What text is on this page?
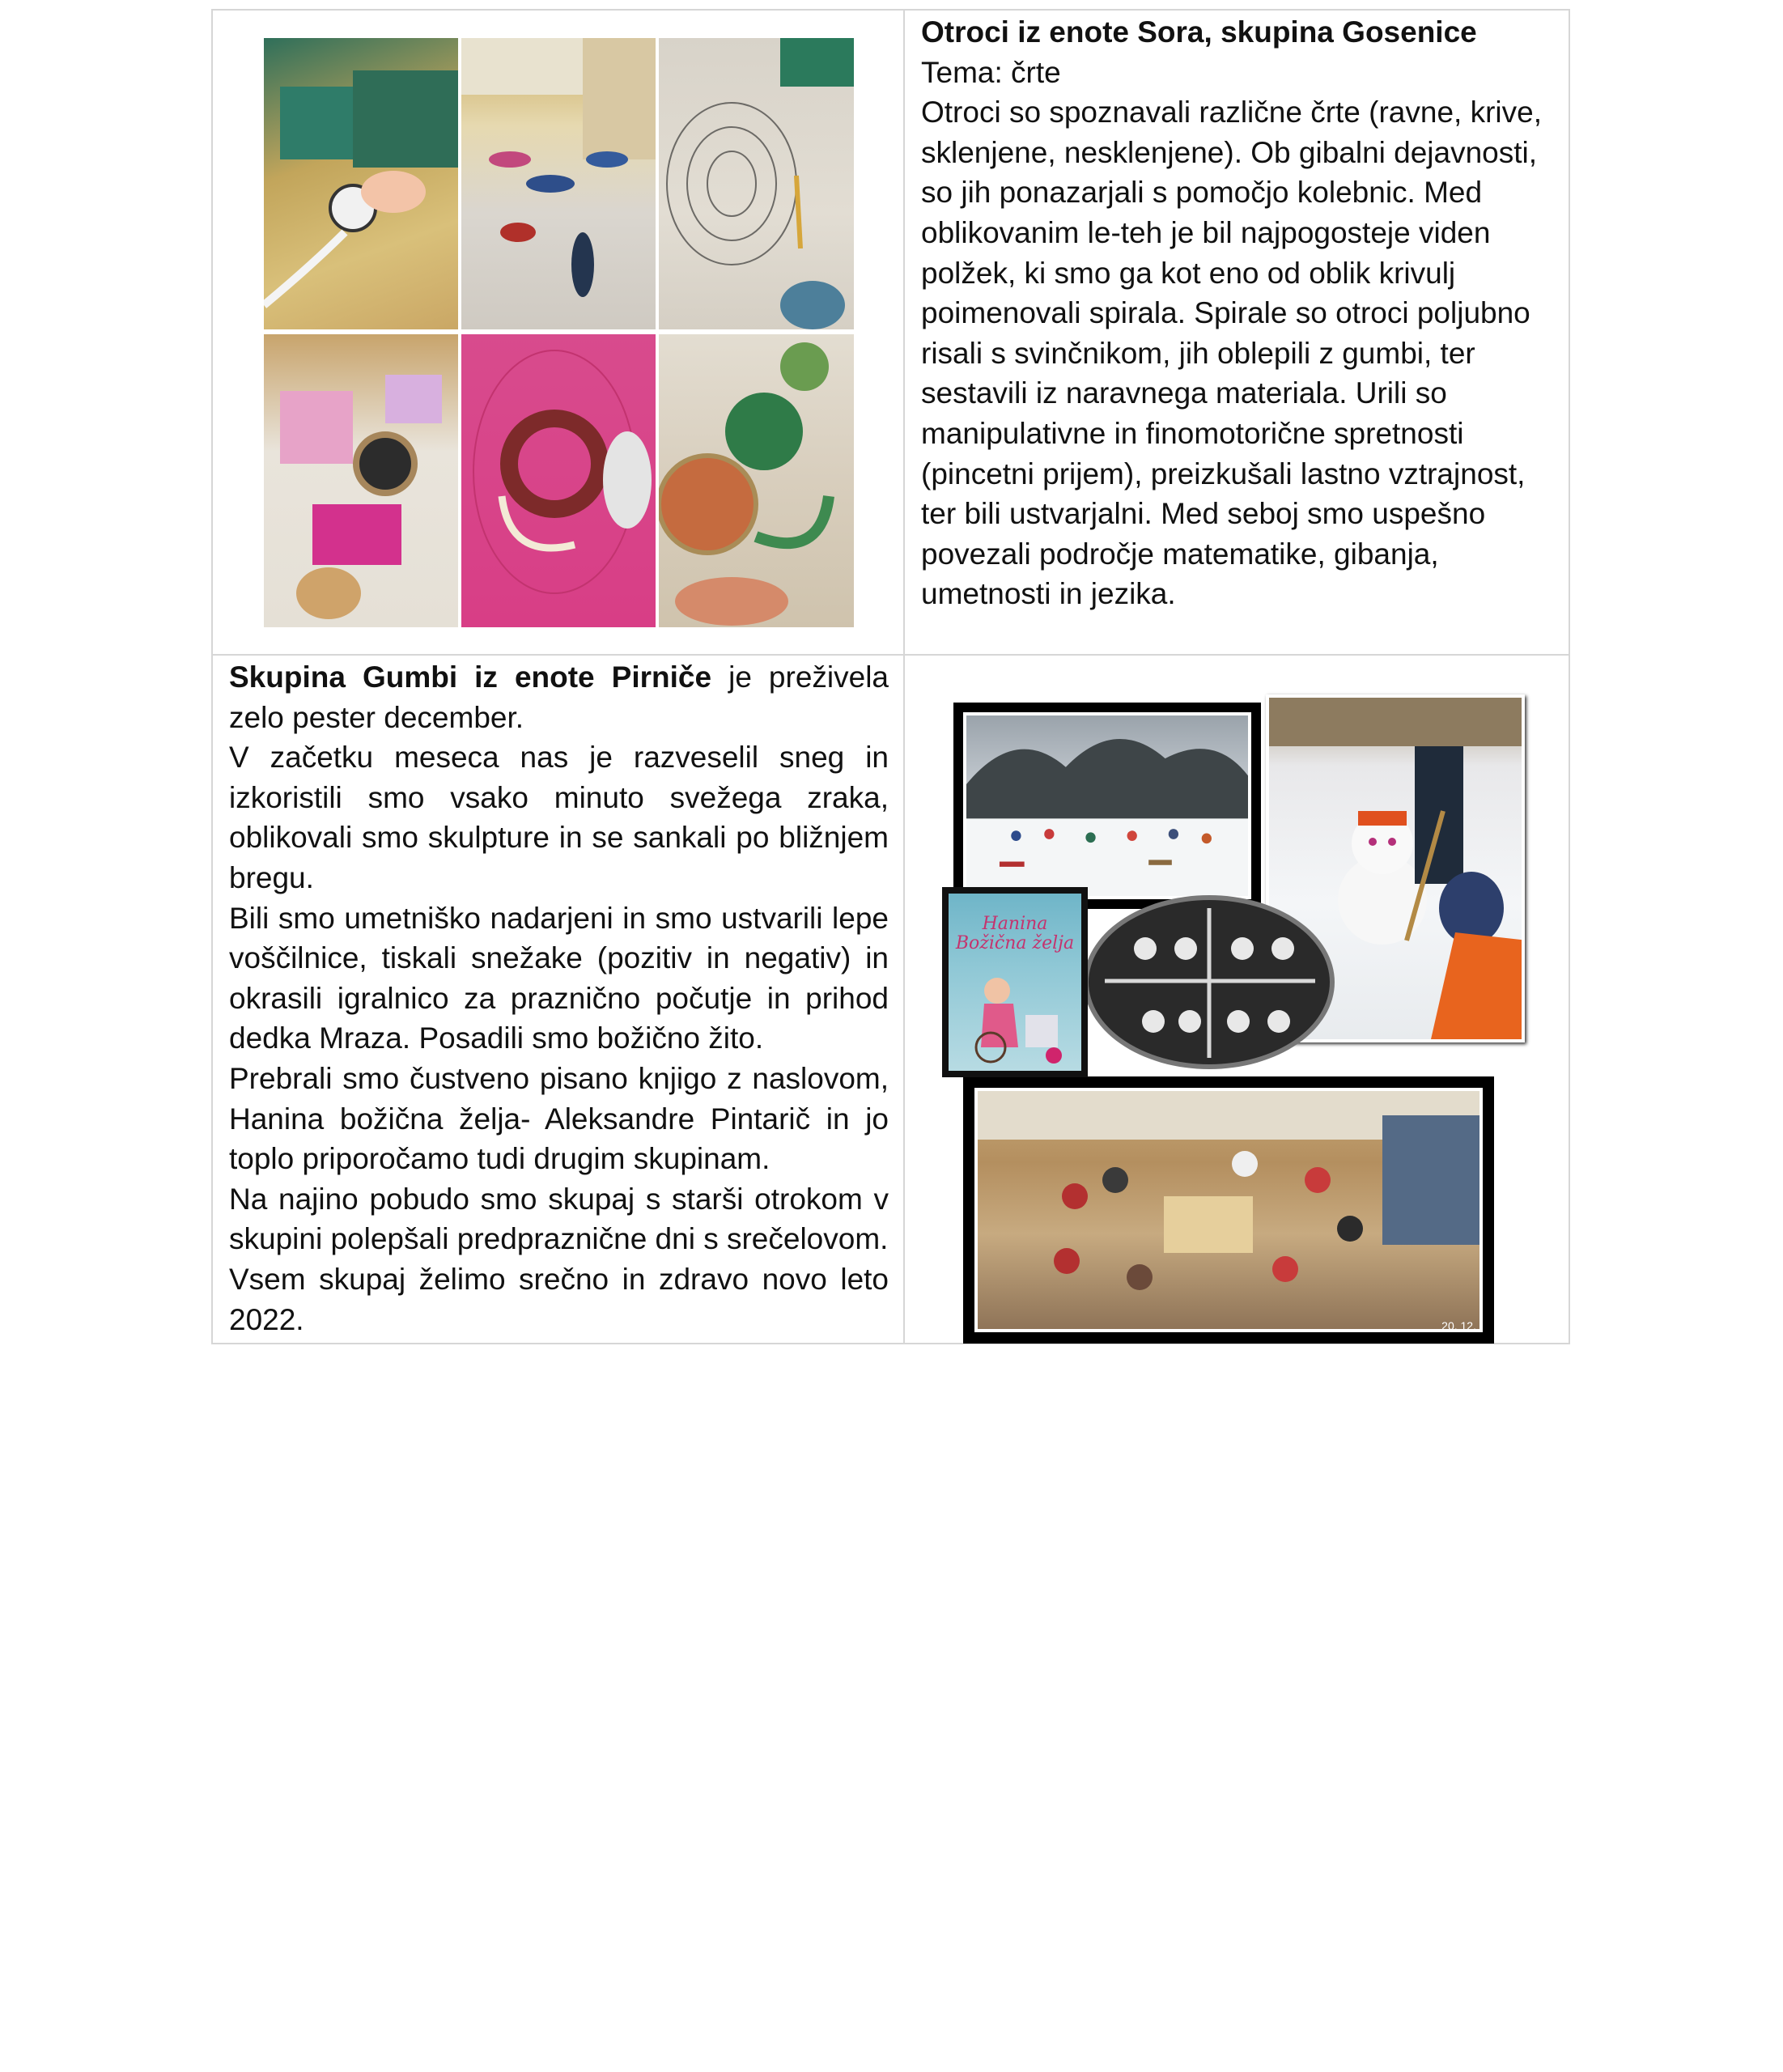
Otroci iz enote Sora, skupina Gosenice

Tema: črte

Otroci so spoznavali različne črte (ravne, krive, sklenjene, nesklenjene). Ob gibalni dejavnosti, so jih ponazarjali s pomočjo kolebnic. Med oblikovanim le-teh je bil najpogosteje viden polžek, ki smo ga kot eno od oblik krivulj poimenovali spirala. Spirale so otroci poljubno risali s svinčnikom, jih oblepili z gumbi, ter sestavili iz naravnega materiala. Urili so manipulativne in finomotorične spretnosti (pincetni prijem), preizkušali lastno vztrajnost, ter bili ustvarjalni. Med seboj smo uspešno povezali področje matematike, gibanja, umetnosti in jezika.

Skupina Gumbi iz enote Pirniče je preživela zelo pester december.

V začetku meseca nas je razveselil sneg in izkoristili smo vsako minuto svežega zraka, oblikovali smo skulpture in se sankali po bližnjem bregu.

Bili smo umetniško nadarjeni in smo ustvarili lepe voščilnice, tiskali snežake (pozitiv in negativ) in okrasili igralnico za praznično počutje in prihod dedka Mraza. Posadili smo božično žito.

Prebrali smo čustveno pisano knjigo z naslovom, Hanina božična želja- Aleksandre Pintarič in jo toplo priporočamo tudi drugim skupinam.

Na najino pobudo smo skupaj s starši otrokom v skupini polepšali predpraznične dni s srečelovom.

Vsem skupaj želimo srečno in zdravo novo leto 2022.	20. 12.
Hanina Božična želja
